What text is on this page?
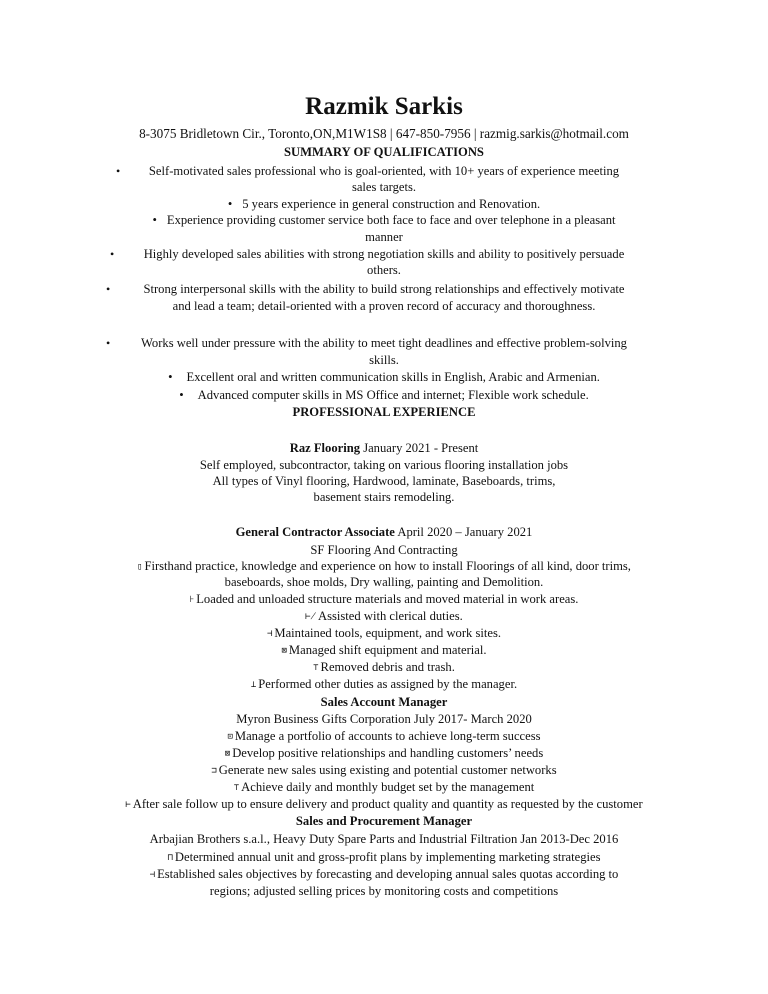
Razmik Sarkis
8-3075 Bridletown Cir., Toronto,ON,M1W1S8 | 647-850-7956 | razmig.sarkis@hotmail.com
SUMMARY OF QUALIFICATIONS
• Self-motivated sales professional who is goal-oriented, with 10+ years of experience meeting
sales targets.
• 5 years experience in general construction and Renovation.
• Experience providing customer service both face to face and over telephone in a pleasant
manner
• Highly developed sales abilities with strong negotiation skills and ability to positively persuade
others.
•	Strong interpersonal skills with the ability to build strong relationships and effectively motivate
and lead a team; detail-oriented with a proven record of accuracy and thoroughness.
• Works well under pressure with the ability to meet tight deadlines and effective problem-solving
skills.
• Excellent oral and written communication skills in English, Arabic and Armenian.
• Advanced computer skills in MS Office and internet; Flexible work schedule.
PROFESSIONAL EXPERIENCE
Raz Flooring January 2021 - Present
Self employed, subcontractor, taking on various flooring installation jobs
All types of Vinyl flooring, Hardwood, laminate, Baseboards, trims,
basement stairs remodeling.
General Contractor Associate April 2020 – January 2021
SF Flooring And Contracting
▯ Firsthand practice, knowledge and experience on how to install Floorings of all kind, door trims,
baseboards, shoe molds, Dry walling, painting and Demolition.
⊦ Loaded and unloaded structure materials and moved material in work areas.
⊬ Assisted with clerical duties.
⊣ Maintained tools, equipment, and work sites.
⊠ Managed shift equipment and material.
⊤ Removed debris and trash.
⊥ Performed other duties as assigned by the manager.
Sales Account Manager
Myron Business Gifts Corporation July 2017- March 2020
⊡ Manage a portfolio of accounts to achieve long-term success
⊠ Develop positive relationships and handling customers’ needs
⊐ Generate new sales using existing and potential customer networks
⊤ Achieve daily and monthly budget set by the management
⊢ After sale follow up to ensure delivery and product quality and quantity as requested by the customer
Sales and Procurement Manager
Arbajian Brothers s.a.l., Heavy Duty Spare Parts and Industrial Filtration Jan 2013-Dec 2016
⊓ Determined annual unit and gross-profit plans by implementing marketing strategies
⊣ Established sales objectives by forecasting and developing annual sales quotas according to
regions; adjusted selling prices by monitoring costs and competitions
